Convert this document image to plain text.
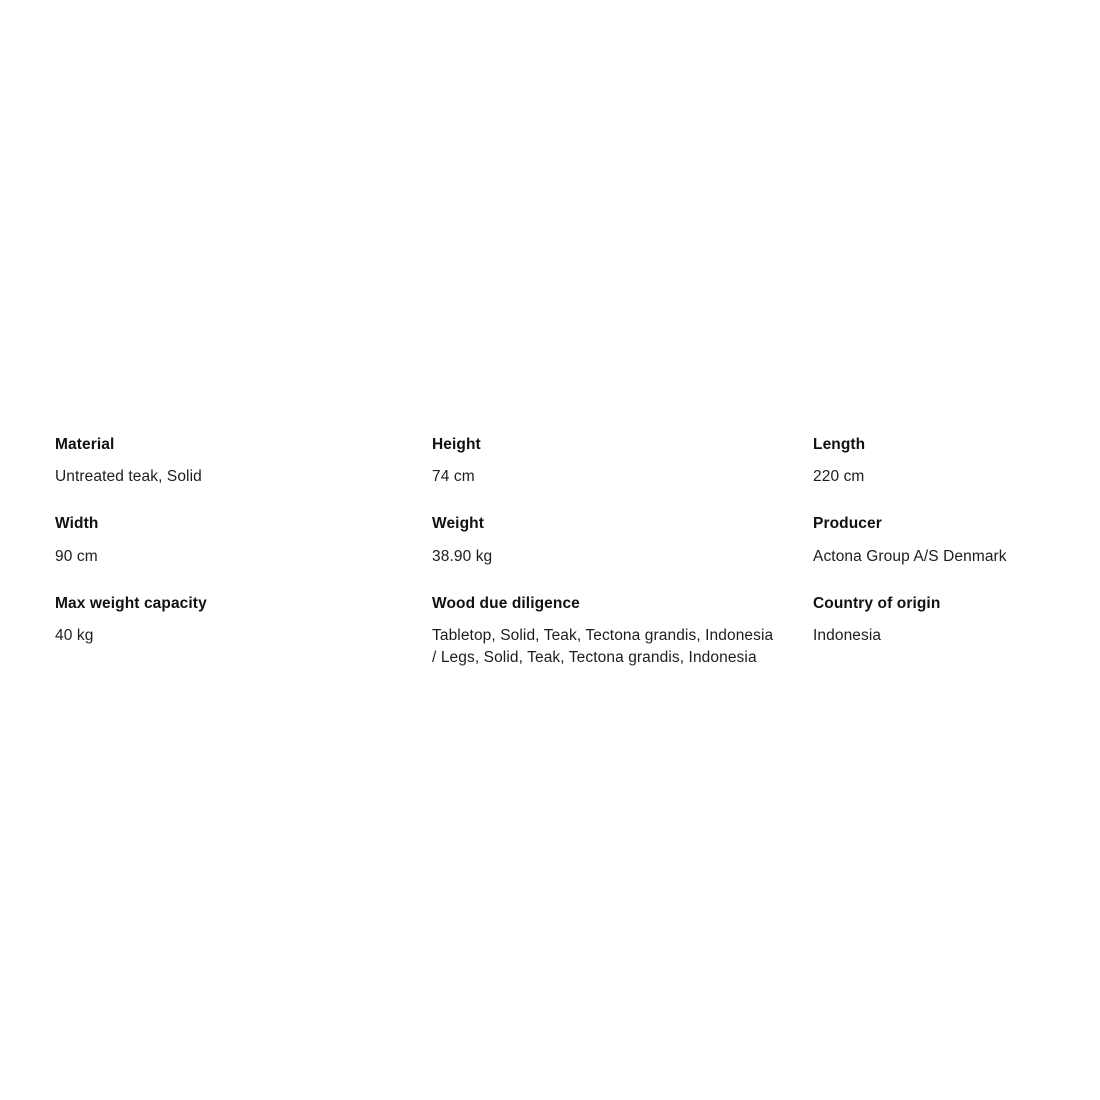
Material
Untreated teak, Solid
Height
74 cm
Length
220 cm
Width
90 cm
Weight
38.90 kg
Producer
Actona Group A/S Denmark
Max weight capacity
40 kg
Wood due diligence
Tabletop, Solid, Teak, Tectona grandis, Indonesia / Legs, Solid, Teak, Tectona grandis, Indonesia
Country of origin
Indonesia
